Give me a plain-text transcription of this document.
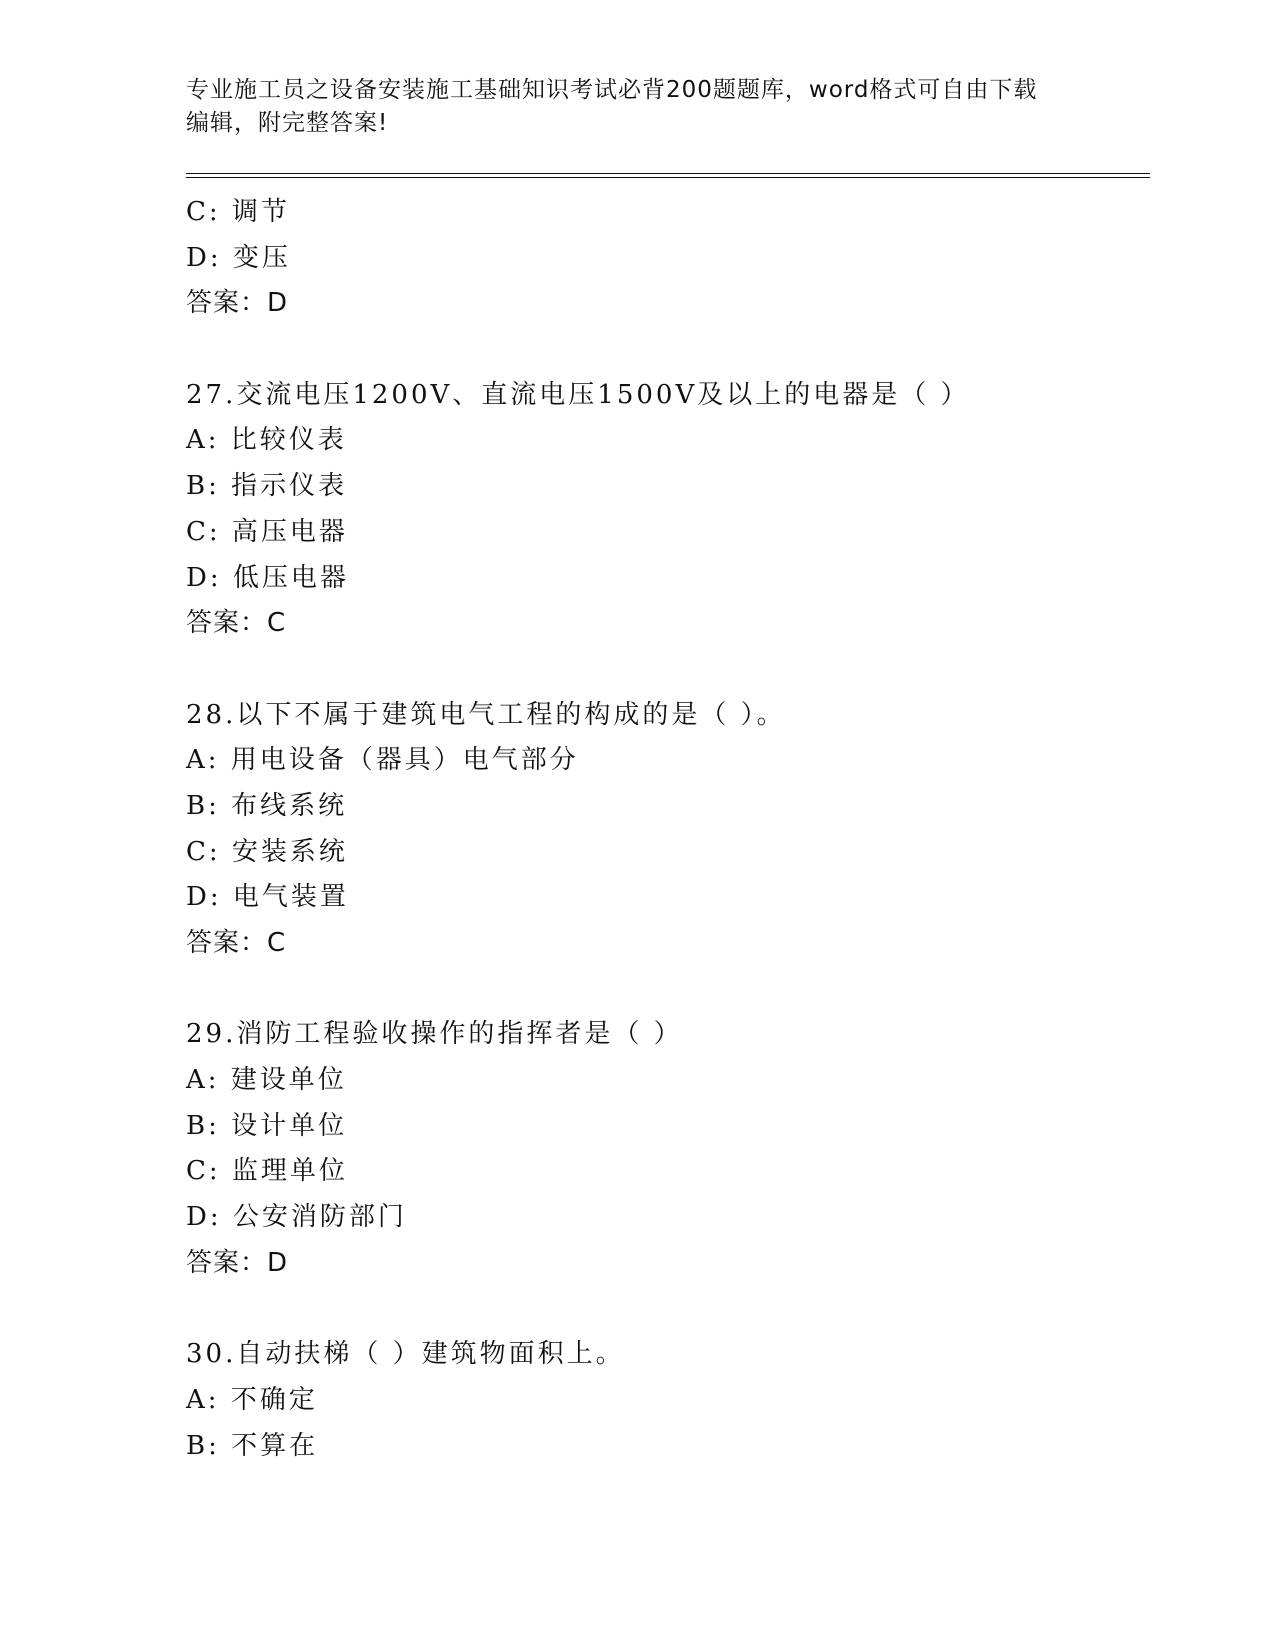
专业施工员之设备安装施工基础知识考试必背200题题库，word格式可自由下载
编辑，附完整答案!
C: 调节
D: 变压
答案：D
27.交流电压1200V、直流电压1500V及以上的电器是（ ）
A: 比较仪表
B: 指示仪表
C: 高压电器
D: 低压电器
答案：C
28.以下不属于建筑电气工程的构成的是（ ）。
A: 用电设备（器具）电气部分
B: 布线系统
C: 安装系统
D: 电气装置
答案：C
29.消防工程验收操作的指挥者是（ ）
A: 建设单位
B: 设计单位
C: 监理单位
D: 公安消防部门
答案：D
30.自动扶梯（ ）建筑物面积上。
A: 不确定
B: 不算在
